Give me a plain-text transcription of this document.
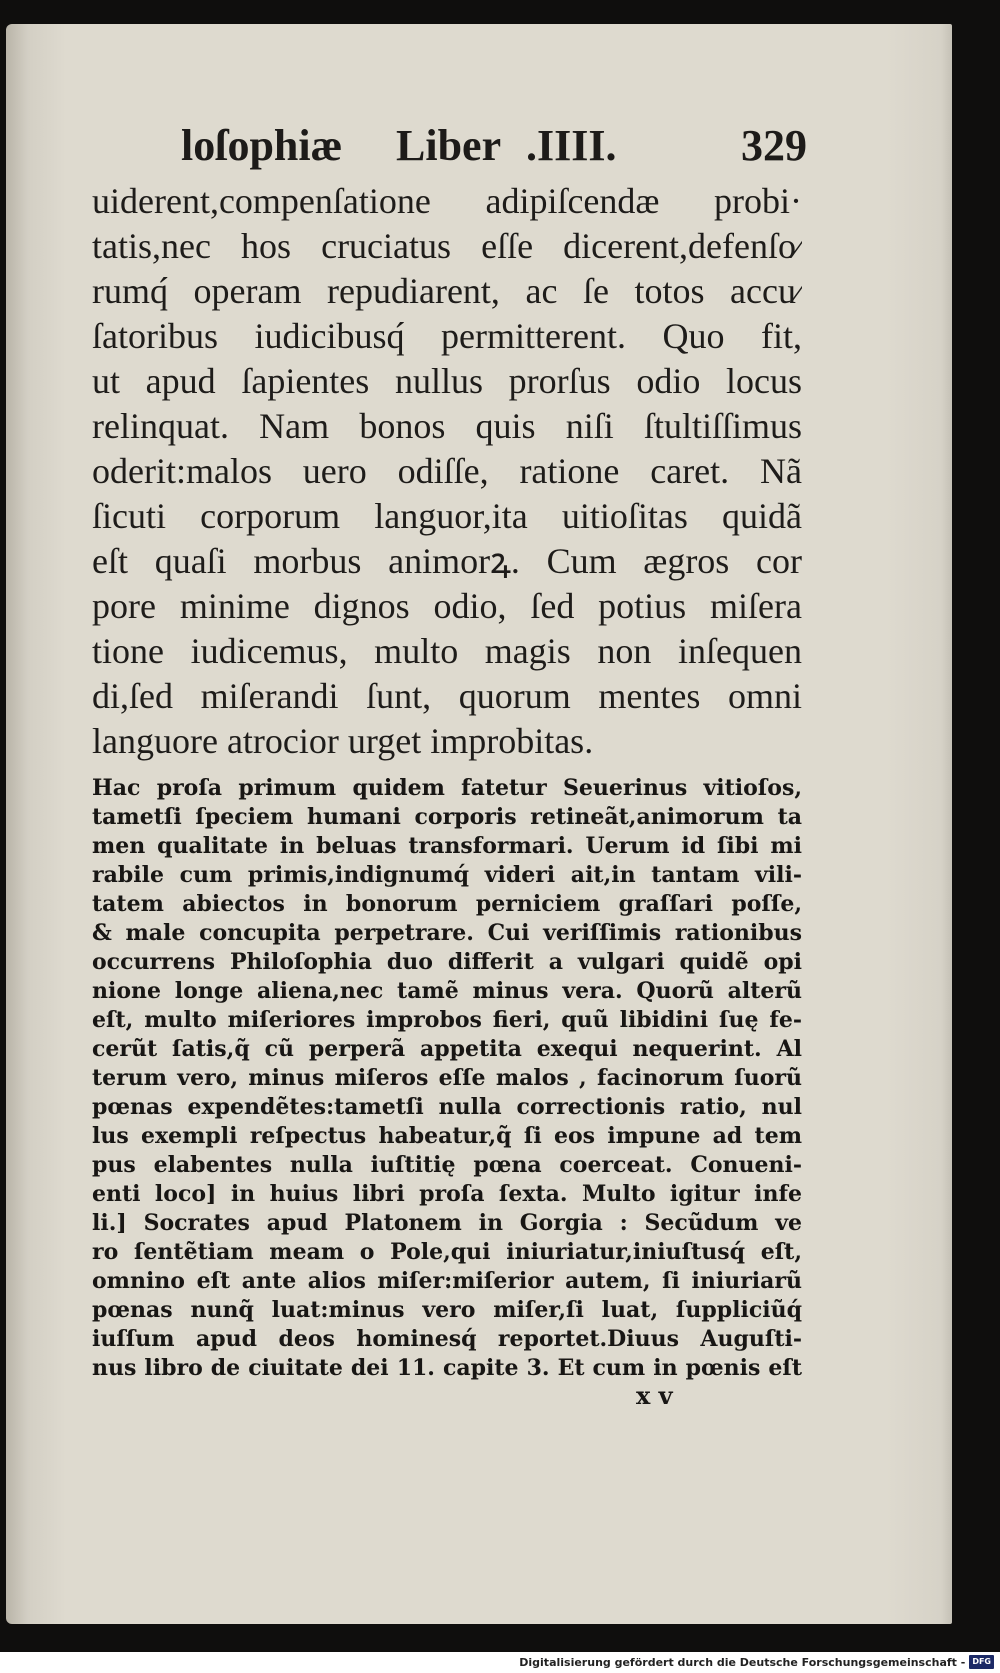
loſophiæ Liber .IIII.	329
uiderent,compenſatione adipiſcendæ probi·
tatis,nec hos cruciatus eſſe dicerent,defenſo⁄
rumq́ operam repudiarent, ac ſe totos accu⁄
ſatoribus iudicibusq́ permitterent. Quo fit,
ut apud ſapientes nullus prorſus odio locus
relinquat. Nam bonos quis niſi ſtultiſſimus
oderit:malos uero odiſſe, ratione caret. Nã
ſicuti corporum languor,ita uitioſitas quidã
eſt quaſi morbus animorꝝ. Cum ægros cor
pore minime dignos odio, ſed potius miſera
tione iudicemus, multo magis non inſequen
di,ſed miſerandi ſunt, quorum mentes omni
languore atrocior urget improbitas.
Hac proſa primum quidem fatetur Seuerinus vitioſos,
tametſi ſpeciem humani corporis retineãt,animorum ta
men qualitate in beluas transformari. Uerum id ſibi mi
rabile cum primis,indignumq́ videri ait,in tantam vili-
tatem abiectos in bonorum perniciem graſſari poſſe,
& male concupita perpetrare. Cui veriſſimis rationibus
occurrens Philoſophia duo differit a vulgari quidẽ opi
nione longe aliena,nec tamẽ minus vera. Quorũ alterũ
eſt, multo miſeriores improbos fieri, quũ libidini ſuę fe-
cerũt ſatis,q̃ cũ perperã appetita exequi nequerint. Al
terum vero, minus miſeros eſſe malos , facinorum ſuorũ
pœnas expendẽtes:tametſi nulla correctionis ratio, nul
lus exempli reſpectus habeatur,q̃ ſi eos impune ad tem
pus elabentes nulla iuſtitię pœna coerceat. Conueni-
enti loco] in huius libri proſa ſexta. Multo igitur infe
li.] Socrates apud Platonem in Gorgia : Secũdum ve
ro ſentẽtiam meam o Pole,qui iniuriatur,iniuſtusq́ eſt,
omnino eſt ante alios miſer:miſerior autem, ſi iniuriarũ
pœnas nunq̃ luat:minus vero miſer,ſi luat, ſuppliciũq́
iuſſum apud deos hominesq́ reportet.Diuus Auguſti-
nus libro de ciuitate dei 11. capite 3. Et cum in pœnis eſt
x v
Digitalisierung gefördert durch die Deutsche Forschungsgemeinschaft - DFG
